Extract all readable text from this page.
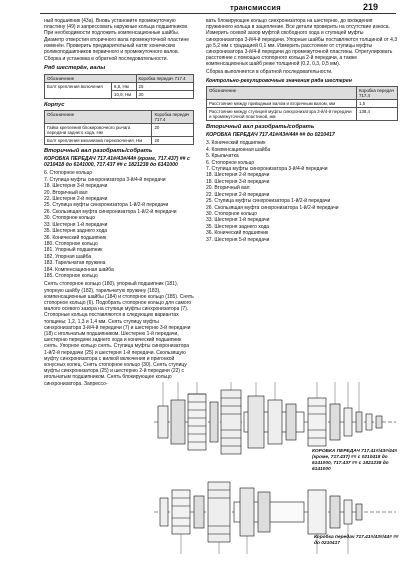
трансмиссия	219

ный подшипник (43а). Вновь установите промежуточную пластину (49) и запрессовать наружные кольца подшипников. При необходимости подложить компенсационные шайбы. Диаметр отверстия вторичного вала промежуточной пластине изменён. Проверить предварительный натяг конических роликоподшипников первичного и промежуточного валов.

Сборка и установка в обратной последовательности.

Ряд шестерён, валы
Обозначение		Коробка передач 717.4
Болт крепления включения	8,8, Нм	25
	10,9, Нм	30
Корпус
Обозначение	Коробка передач 717.4
Гайка крепления блокировочного рычага передачи заднего хода, Нм	20
Болт крепления механизма переключения, Нм	20
Вторичный вал разобрать/собрать
КОРОБКА ПЕРЕДАЧ 717.41#/43#/44# (кроме, 717.437) ## с 0210418 до 6141000, 717.437 ## с 1821238 до 6141000
6. Стопорное кольцо
7. Ступица муфты синхронизатора 3-й/4-й передачи
18. Шестерня 3-й передачи
20. Вторичный вал
22. Шестерня 2-й передачи
25. Ступица муфты синхронизатора 1-й/2-й передачи
26. Скользящая муфта синхронизатора 1-й/2-й передачи
30. Стопорное кольцо
33. Шестерня 1-й передачи
35. Шестерня заднего хода
36. Конический подшипник
180. Стопорное кольцо
181. Упорный подшипник
182. Упорная шайба
183. Тарельчатая пружина
184. Компенсационная шайба
185. Стопорное кольцо

Снять стопорное кольцо (180), упорный подшипник (181), упорную шайбу (182), тарельчатую пружину (183), компенсационные шайбы (184) и стопорное кольцо (185). Снять стопорное кольцо (6). Подобрать стопорное кольцо для самого малого осевого зазора на ступице муфты синхронизатора (7). Стопорные кольца поставляются в следующих вариантах толщины: 1,2, 1,3 и 1,4 мм. Снять ступицу муфты синхронизатора 3-й/4-й передачи (7) и шестерню 3-й передачи (18) с игольчатым подшипником. Шестерню 1-й передачи, шестерню передачи заднего хода и конический подшипник снять. Упорное кольцо снять. Ступица муфты синхронизатора 1-й/2-й передачи (25) и шестерня 1-й передачи. Скользящую муфту синхронизатора с вилкой включения и пригонкой конусных колец. Снять стопорное кольцо (30). Снять ступицу муфты синхронизатора (25) и шестерню 2-й передачи (22) с игольчатым подшипником. Снять блокирующее кольцо синхронизатора. Запрессо-

вать блокирующее кольцо синхронизатора на шестерню, до вхождения пружинного кольца в зацепление. Все детали проверить на отсутствие износа. Измерить осевой зазор муфтой свободного хода и ступицей муфты синхронизатора 3-й/4-й передачи. Упорные шайбы поставляются толщиной от 4,3 до 5,2 мм с градацией 0,1 мм. Измерить расстояние от ступицы муфты синхронизатора 3-й/4-й передачи до промежуточной пластины. Отрегулировать расстояние с помощью стопорного кольца 2-й передачи, а также компенсационных шайб реже толщиной (0,2, 0,3, 0,5 мм).

Сборка выполняется в обратной последовательности.

Контрольно-регулировочные значения ряда шестерен
Обозначение	Коробка передач 717.4
Расстояние между приводным валом и вторичным валом, мм	1,5
Расстояние между ступицей муфты синхронизатора 3-й/4-й передачи и промежуточной пластиной, мм	138,4
Вторичный вал разобрать/собрать
КОРОБКА ПЕРЕДАЧ 717.41#/43#/44# ## до 0210417
3. Конический подшипник
4. Компенсационная шайба
5. Крыльчатка
6. Стопорное кольцо
7. Ступица муфты синхронизатора 3-й/4-й передачи
18. Шестерня 2-й передачи
18. Шестерня 3-й передачи
20. Вторичный вал
22. Шестерня 2-й передачи
25. Ступица муфты синхронизатора 1-й/2-й передачи
26. Скользящая муфта синхронизатора 1-й/2-й передачи
30. Стопорное кольцо
33. Шестерня 1-й передачи
35. Шестерня заднего хода
36. Конический подшипник
37. Шестерня 5-й передачи
КОРОБКА ПЕРЕДАЧ 717.41#/43#/44# (кроме, 717.437) ## с 0210418 до 6141000, 717.437 ## с 1821238 до 6141000
Коробка передач 717.41#/43#/44# ## до 0210417
